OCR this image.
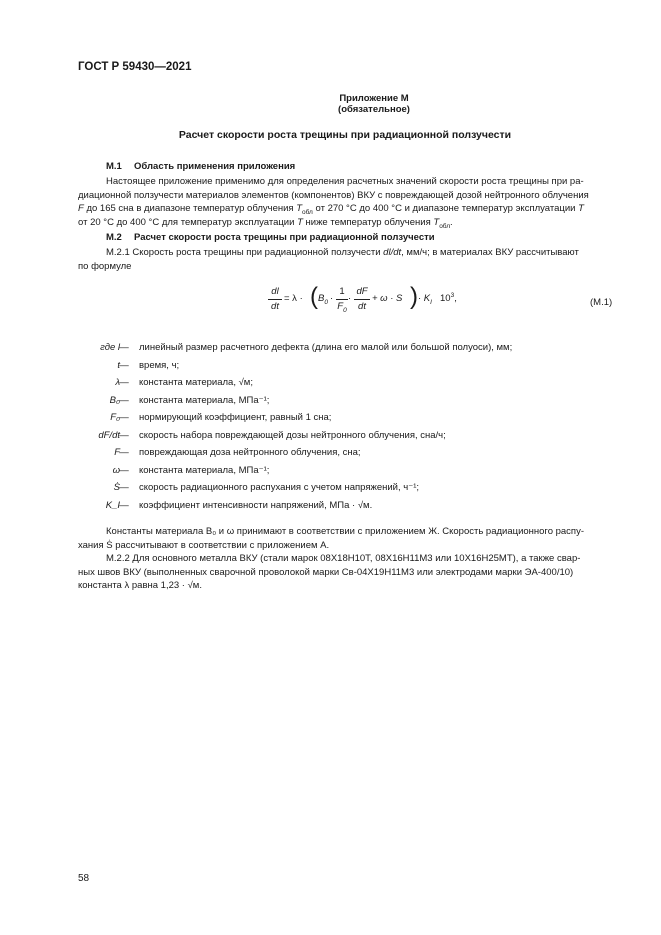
ГОСТ Р 59430—2021
Приложение М
(обязательное)
Расчет скорости роста трещины при радиационной ползучести
М.1 Область применения приложения
Настоящее приложение применимо для определения расчетных значений скорости роста трещины при ра-
диационной ползучести материалов элементов (компонентов) ВКУ с повреждающей дозой нейтронного облучения
F до 165 сна в диапазоне температур облучения $T_{обл}$ от 270 °С до 400 °С и диапазоне температур эксплуатации T
от 20 °С до 400 °С для температур эксплуатации T ниже температур облучения $T_{обл}$.
М.2 Расчет скорости роста трещины при радиационной ползучести
М.2.1 Скорость роста трещины при радиационной ползучести dl/dt, мм/ч; в материалах ВКУ рассчитывают
по формуле
dl
dt
= λ · ( $B_0$ ·
1
$F_0$
·
dF
dt
+ ω · S ) · $K_I$ $10^3$,	(М.1)
где l — линейный размер расчетного дефекта (длина его малой или большой полуоси), мм;
t — время, ч;
λ — константа материала, √м;
B₀ — константа материала, МПа⁻¹;
F₀ — нормирующий коэффициент, равный 1 сна;
dF/dt — скорость набора повреждающей дозы нейтронного облучения, сна/ч;
F — повреждающая доза нейтронного облучения, сна;
ω — константа материала, МПа⁻¹;
Ṡ — скорость радиационного распухания с учетом напряжений, ч⁻¹;
K_I — коэффициент интенсивности напряжений, МПа · √м.
Константы материала B₀ и ω принимают в соответствии с приложением Ж. Скорость радиационного распу-
хания Ṡ рассчитывают в соответствии с приложением А.
М.2.2 Для основного металла ВКУ (стали марок 08Х18Н10Т, 08Х16Н11М3 или 10Х16Н25МТ), а также свар-
ных швов ВКУ (выполненных сварочной проволокой марки Св-04Х19Н11М3 или электродами марки ЭА-400/10)
константа λ равна 1,23 · √м.
58
